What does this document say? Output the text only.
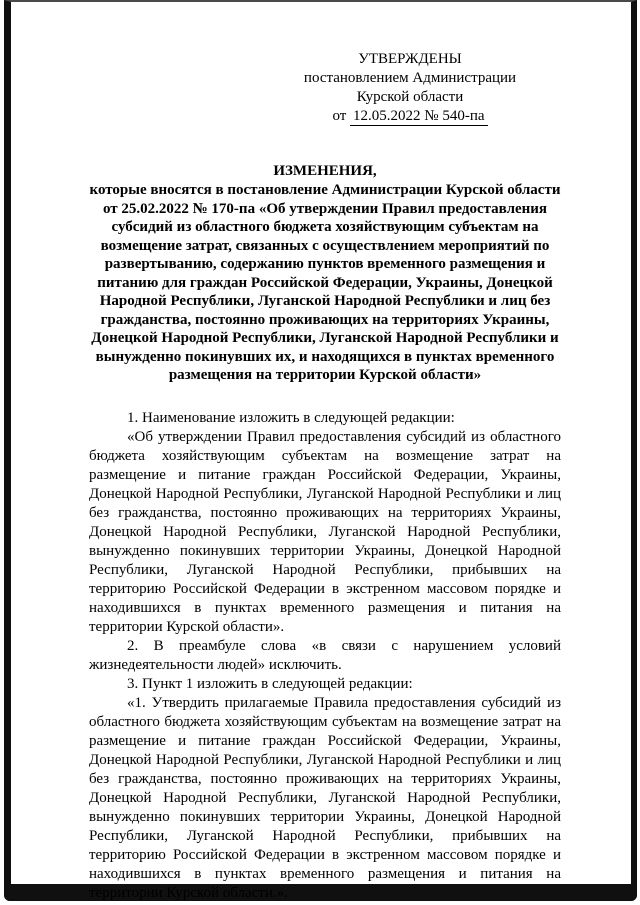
УТВЕРЖДЕНЫ
постановлением Администрации
Курской области
от 12.05.2022 № 540-па
ИЗМЕНЕНИЯ,

которые вносятся в постановление Администрации Курской области от 25.02.2022 № 170-па «Об утверждении Правил предоставления субсидий из областного бюджета хозяйствующим субъектам на возмещение затрат, связанных с осуществлением мероприятий по развертыванию, содержанию пунктов временного размещения и питанию для граждан Российской Федерации, Украины, Донецкой Народной Республики, Луганской Народной Республики и лиц без гражданства, постоянно проживающих на территориях Украины, Донецкой Народной Республики, Луганской Народной Республики и вынужденно покинувших их, и находящихся в пунктах временного размещения на территории Курской области»

1. Наименование изложить в следующей редакции:

«Об утверждении Правил предоставления субсидий из областного бюджета хозяйствующим субъектам на возмещение затрат на размещение и питание граждан Российской Федерации, Украины, Донецкой Народной Республики, Луганской Народной Республики и лиц без гражданства, постоянно проживающих на территориях Украины, Донецкой Народной Республики, Луганской Народной Республики, вынужденно покинувших территории Украины, Донецкой Народной Республики, Луганской Народной Республики, прибывших на территорию Российской Федерации в экстренном массовом порядке и находившихся в пунктах временного размещения и питания на территории Курской области».

2. В преамбуле слова «в связи с нарушением условий жизнедеятельности людей» исключить.

3. Пункт 1 изложить в следующей редакции:

«1. Утвердить прилагаемые Правила предоставления субсидий из областного бюджета хозяйствующим субъектам на возмещение затрат на размещение и питание граждан Российской Федерации, Украины, Донецкой Народной Республики, Луганской Народной Республики и лиц без гражданства, постоянно проживающих на территориях Украины, Донецкой Народной Республики, Луганской Народной Республики, вынужденно покинувших территории Украины, Донецкой Народной Республики, Луганской Народной Республики, прибывших на территорию Российской Федерации в экстренном массовом порядке и находившихся в пунктах временного размещения и питания на территории Курской области.».
